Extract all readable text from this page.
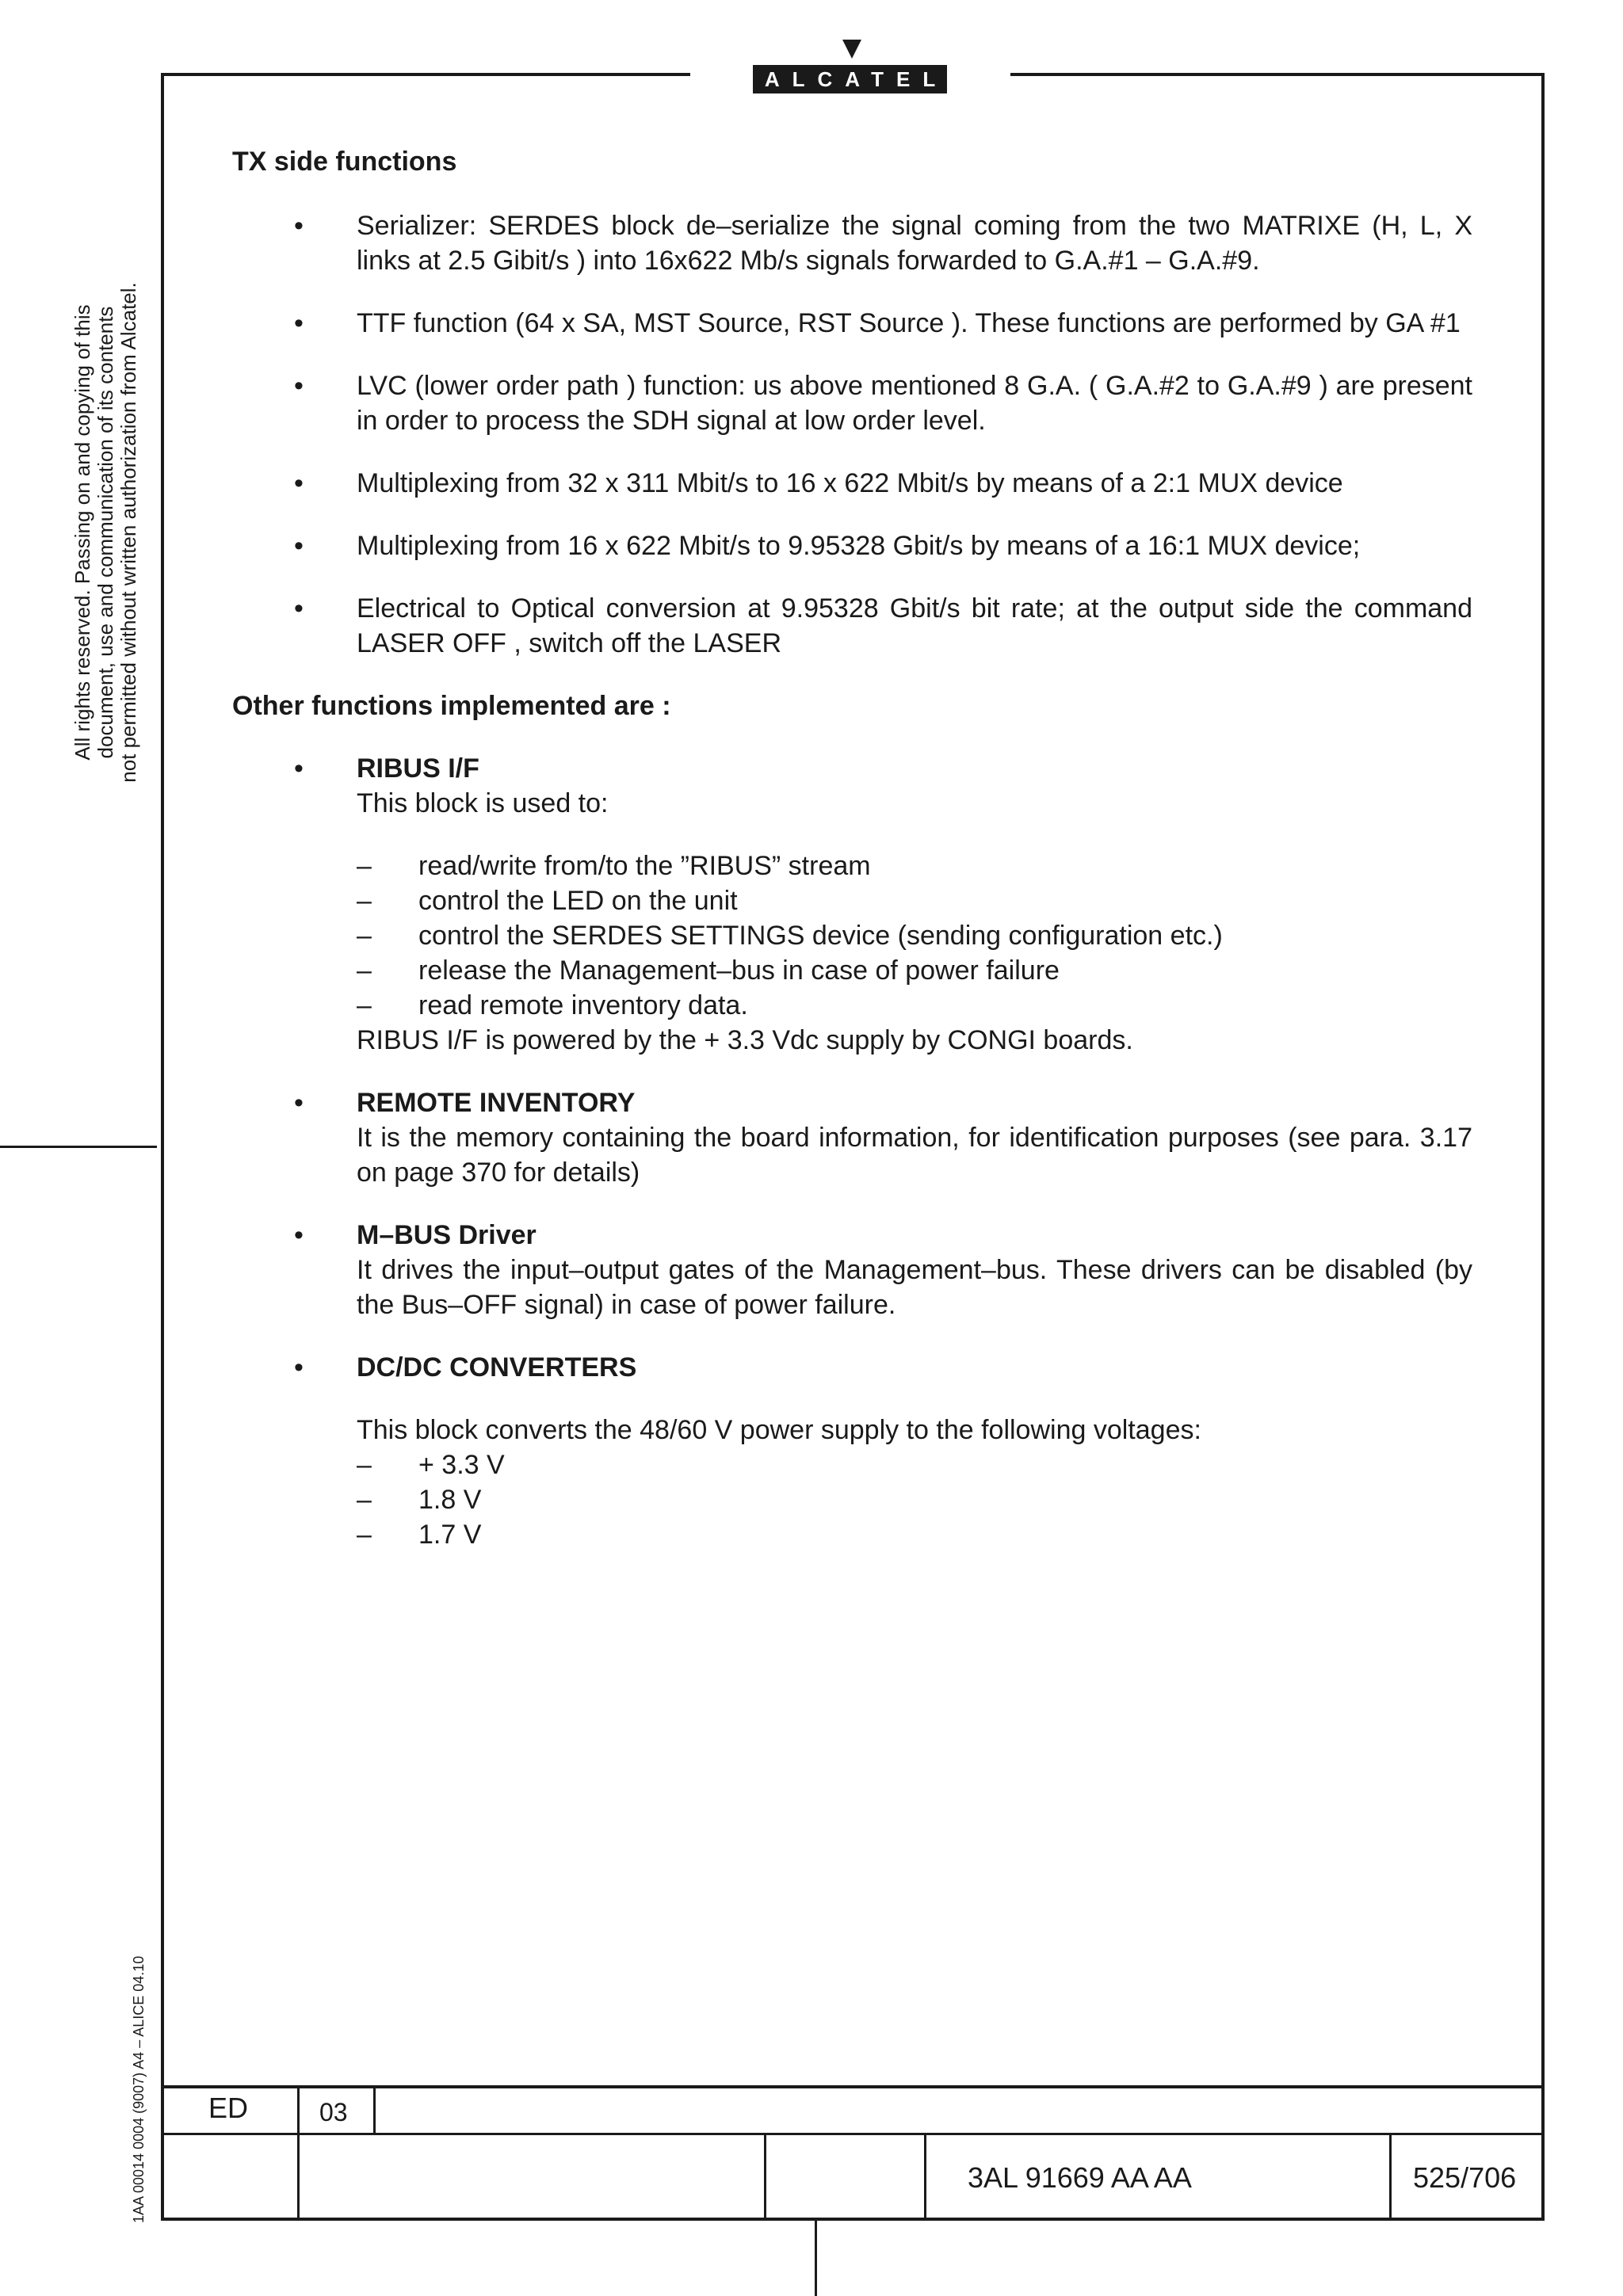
ALCATEL
All rights reserved. Passing on and copying of this document, use and communication of its contents not permitted without written authorization from Alcatel.
1AA 00014 0004 (9007) A4 – ALICE 04.10
TX side functions
• Serializer: SERDES block de–serialize the signal coming from the two MATRIXE (H, L, X links at 2.5 Gibit/s ) into 16x622 Mb/s signals forwarded to G.A.#1 – G.A.#9.
• TTF function (64 x SA, MST Source, RST Source ). These functions are performed by GA #1
• LVC (lower order path ) function: us above mentioned 8 G.A. ( G.A.#2 to G.A.#9 ) are present in order to process the SDH signal at low order level.
• Multiplexing from 32 x 311 Mbit/s to 16 x 622 Mbit/s by means of a 2:1 MUX device
• Multiplexing from 16 x 622 Mbit/s to 9.95328 Gbit/s by means of a 16:1 MUX device;
• Electrical to Optical conversion at 9.95328 Gbit/s bit rate; at the output side the command LASER OFF , switch off the LASER
Other functions implemented are :
• RIBUS I/F
This block is used to:
– read/write from/to the ”RIBUS” stream
– control the LED on the unit
– control the SERDES SETTINGS device (sending configuration etc.)
– release the Management–bus in case of power failure
– read remote inventory data.
RIBUS I/F is powered by the + 3.3 Vdc supply by CONGI boards.
• REMOTE INVENTORY
It is the memory containing the board information, for identification purposes (see para. 3.17 on page 370 for details)
• M–BUS Driver
It drives the input–output gates of the Management–bus. These drivers can be disabled (by the Bus–OFF signal) in case of power failure.
• DC/DC CONVERTERS
This block converts the 48/60 V power supply to the following voltages:
– + 3.3 V
– 1.8 V
– 1.7 V
ED	03
3AL 91669 AA AA	525/706
